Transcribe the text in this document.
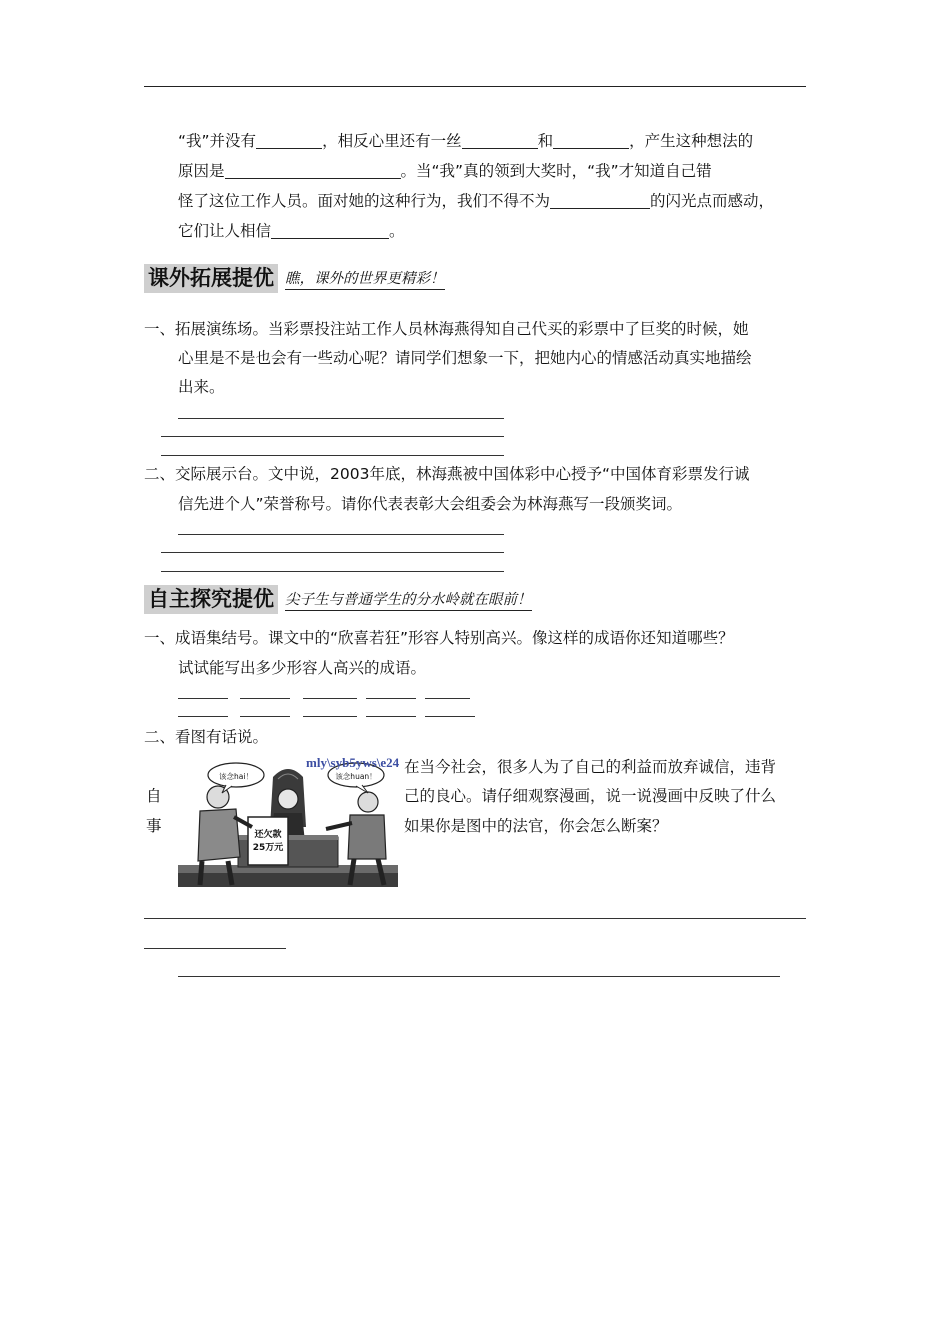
“我”并没有	，相反心里还有一丝	和	，产生这种想法的
原因是	。当“我”真的领到大奖时，“我”才知道自己错
怪了这位工作人员。面对她的这种行为，我们不得不为	的闪光点而感动，
它们让人相信	。
课外拓展提优 瞧，课外的世界更精彩！
一、拓展演练场。当彩票投注站工作人员林海燕得知自己代买的彩票中了巨奖的时候，她
心里是不是也会有一些动心呢？请同学们想象一下，把她内心的情感活动真实地描绘
出来。
二、交际展示台。文中说，2003年底，林海燕被中国体彩中心授予“中国体育彩票发行诚
信先进个人”荣誉称号。请你代表表彰大会组委会为林海燕写一段颁奖词。
自主探究提优 尖子生与普通学生的分水岭就在眼前！
一、成语集结号。课文中的“欣喜若狂”形容人特别高兴。像这样的成语你还知道哪些？
试试能写出多少形容人高兴的成语。
二、看图有话说。
自
事	还欠款
25万元
该念hai！	该念huan！
mly\syb5yws\e24 在当今社会，很多人为了自己的利益而放弃诚信，违背
己的良心。请仔细观察漫画，说一说漫画中反映了什么
如果你是图中的法官，你会怎么断案？
